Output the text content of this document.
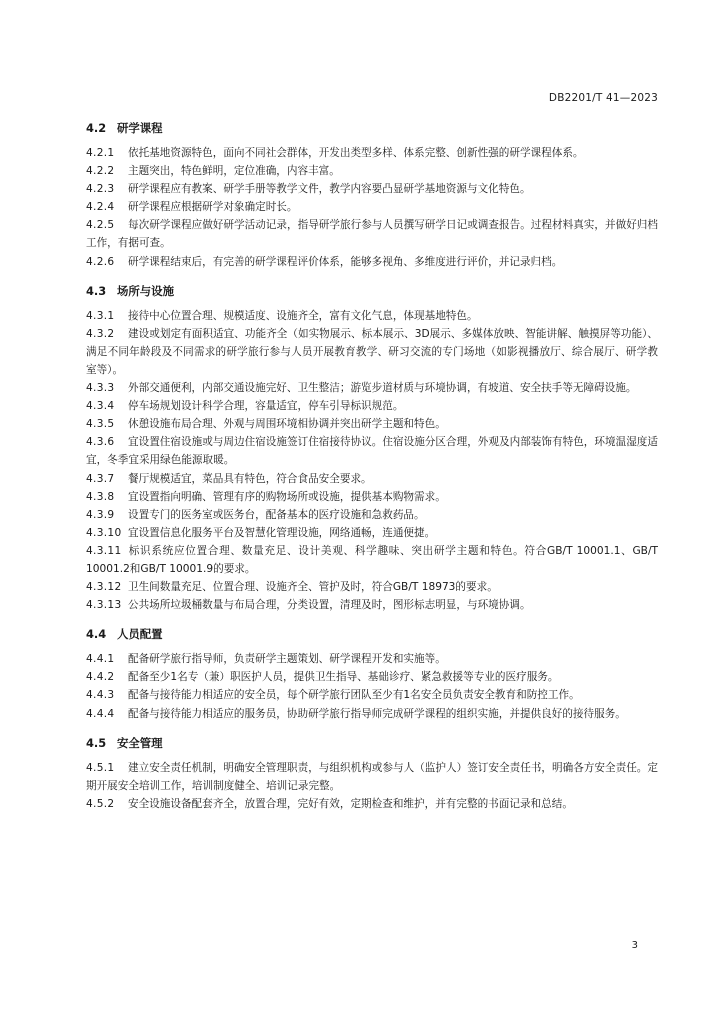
DB2201/T 41—2023
4.2 研学课程
4.2.1 依托基地资源特色，面向不同社会群体，开发出类型多样、体系完整、创新性强的研学课程体系。
4.2.2 主题突出，特色鲜明，定位准确，内容丰富。
4.2.3 研学课程应有教案、研学手册等教学文件，教学内容要凸显研学基地资源与文化特色。
4.2.4 研学课程应根据研学对象确定时长。
4.2.5 每次研学课程应做好研学活动记录，指导研学旅行参与人员撰写研学日记或调查报告。过程材料真实，并做好归档工作，有据可查。
4.2.6 研学课程结束后，有完善的研学课程评价体系，能够多视角、多维度进行评价，并记录归档。
4.3 场所与设施
4.3.1 接待中心位置合理、规模适度、设施齐全，富有文化气息，体现基地特色。
4.3.2 建设或划定有面积适宜、功能齐全（如实物展示、标本展示、3D展示、多媒体放映、智能讲解、触摸屏等功能）、满足不同年龄段及不同需求的研学旅行参与人员开展教育教学、研习交流的专门场地（如影视播放厅、综合展厅、研学教室等）。
4.3.3 外部交通便利，内部交通设施完好、卫生整洁；游览步道材质与环境协调，有坡道、安全扶手等无障碍设施。
4.3.4 停车场规划设计科学合理，容量适宜，停车引导标识规范。
4.3.5 休憩设施布局合理、外观与周围环境相协调并突出研学主题和特色。
4.3.6 宜设置住宿设施或与周边住宿设施签订住宿接待协议。住宿设施分区合理，外观及内部装饰有特色，环境温湿度适宜，冬季宜采用绿色能源取暖。
4.3.7 餐厅规模适宜，菜品具有特色，符合食品安全要求。
4.3.8 宜设置指向明确、管理有序的购物场所或设施，提供基本购物需求。
4.3.9 设置专门的医务室或医务台，配备基本的医疗设施和急救药品。
4.3.10 宜设置信息化服务平台及智慧化管理设施，网络通畅，连通便捷。
4.3.11 标识系统应位置合理、数量充足、设计美观、科学趣味、突出研学主题和特色。符合GB/T 10001.1、GB/T 10001.2和GB/T 10001.9的要求。
4.3.12 卫生间数量充足、位置合理、设施齐全、管护及时，符合GB/T 18973的要求。
4.3.13 公共场所垃圾桶数量与布局合理，分类设置，清理及时，图形标志明显，与环境协调。
4.4 人员配置
4.4.1 配备研学旅行指导师，负责研学主题策划、研学课程开发和实施等。
4.4.2 配备至少1名专（兼）职医护人员，提供卫生指导、基础诊疗、紧急救援等专业的医疗服务。
4.4.3 配备与接待能力相适应的安全员，每个研学旅行团队至少有1名安全员负责安全教育和防控工作。
4.4.4 配备与接待能力相适应的服务员，协助研学旅行指导师完成研学课程的组织实施，并提供良好的接待服务。
4.5 安全管理
4.5.1 建立安全责任机制，明确安全管理职责，与组织机构或参与人（监护人）签订安全责任书，明确各方安全责任。定期开展安全培训工作，培训制度健全、培训记录完整。
4.5.2 安全设施设备配套齐全，放置合理，完好有效，定期检查和维护，并有完整的书面记录和总结。
3
